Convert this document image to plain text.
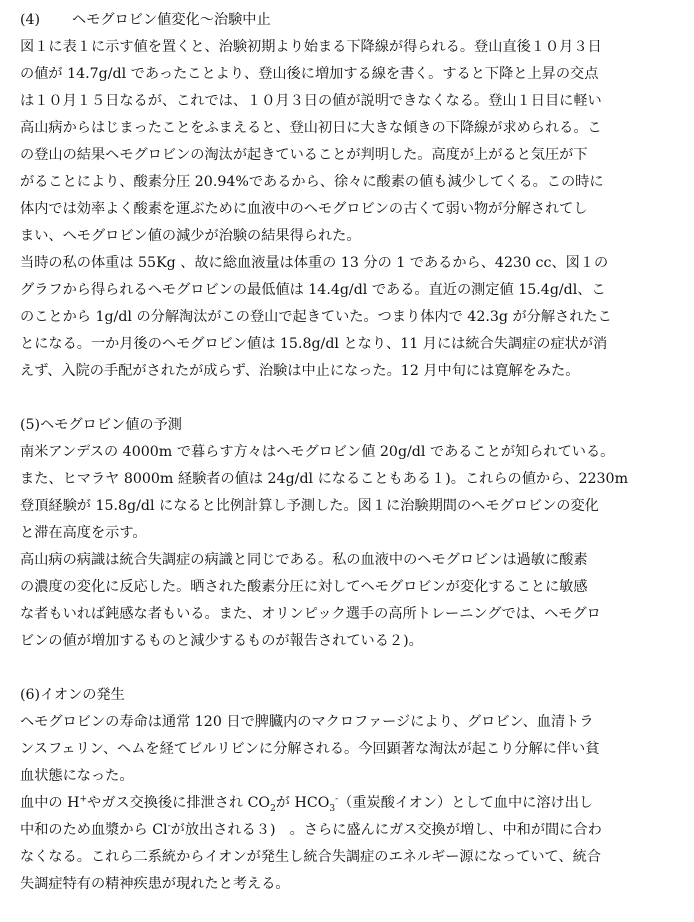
(4)	ヘモグロビン値変化～治験中止
図１に表１に示す値を置くと、治験初期より始まる下降線が得られる。登山直後１０月３日
の値が 14.7g/dl であったことより、登山後に増加する線を書く。すると下降と上昇の交点
は１０月１５日なるが、これでは、１０月３日の値が説明できなくなる。登山１日目に軽い
高山病からはじまったことをふまえると、登山初日に大きな傾きの下降線が求められる。こ
の登山の結果ヘモグロビンの淘汰が起きていることが判明した。高度が上がると気圧が下
がることにより、酸素分圧 20.94%であるから、徐々に酸素の値も減少してくる。この時に
体内では効率よく酸素を運ぶために血液中のヘモグロビンの古くて弱い物が分解されてし
まい、ヘモグロビン値の減少が治験の結果得られた。
当時の私の体重は 55Kg 、故に総血液量は体重の 13 分の 1 であるから、4230 cc、図１の
グラフから得られるヘモグロビンの最低値は 14.4g/dl である。直近の測定値 15.4g/dl、こ
のことから 1g/dl の分解淘汰がこの登山で起きていた。つまり体内で 42.3g が分解されたこ
とになる。一か月後のヘモグロビン値は 15.8g/dl となり、11 月には統合失調症の症状が消
えず、入院の手配がされたが成らず、治験は中止になった。12 月中旬には寛解をみた。
(5)ヘモグロビン値の予測
南米アンデスの 4000m で暮らす方々はヘモグロビン値 20g/dl であることが知られている。
また、ヒマラヤ 8000m 経験者の値は 24g/dl になることもある１)。これらの値から、2230m
登頂経験が 15.8g/dl になると比例計算し予測した。図１に治験期間のヘモグロビンの変化
と滞在高度を示す。
高山病の病識は統合失調症の病識と同じである。私の血液中のヘモグロビンは過敏に酸素
の濃度の変化に反応した。晒された酸素分圧に対してヘモグロビンが変化することに敏感
な者もいれば鈍感な者もいる。また、オリンピック選手の高所トレーニングでは、ヘモグロ
ビンの値が増加するものと減少するものが報告されている２)。
(6)イオンの発生
ヘモグロビンの寿命は通常 120 日で脾臓内のマクロファージにより、グロビン、血清トラ
ンスフェリン、ヘムを経てビルリビンに分解される。今回顕著な淘汰が起こり分解に伴い貧
血状態になった。
血中の H+やガス交換後に排泄され $CO_2$が $HCO_3^-$（重炭酸イオン）として血中に溶け出し
中和のため血漿から Cl-が放出される３)　。さらに盛んにガス交換が増し、中和が間に合わ
なくなる。これら二系統からイオンが発生し統合失調症のエネルギー源になっていて、統合
失調症特有の精神疾患が現れたと考える。
